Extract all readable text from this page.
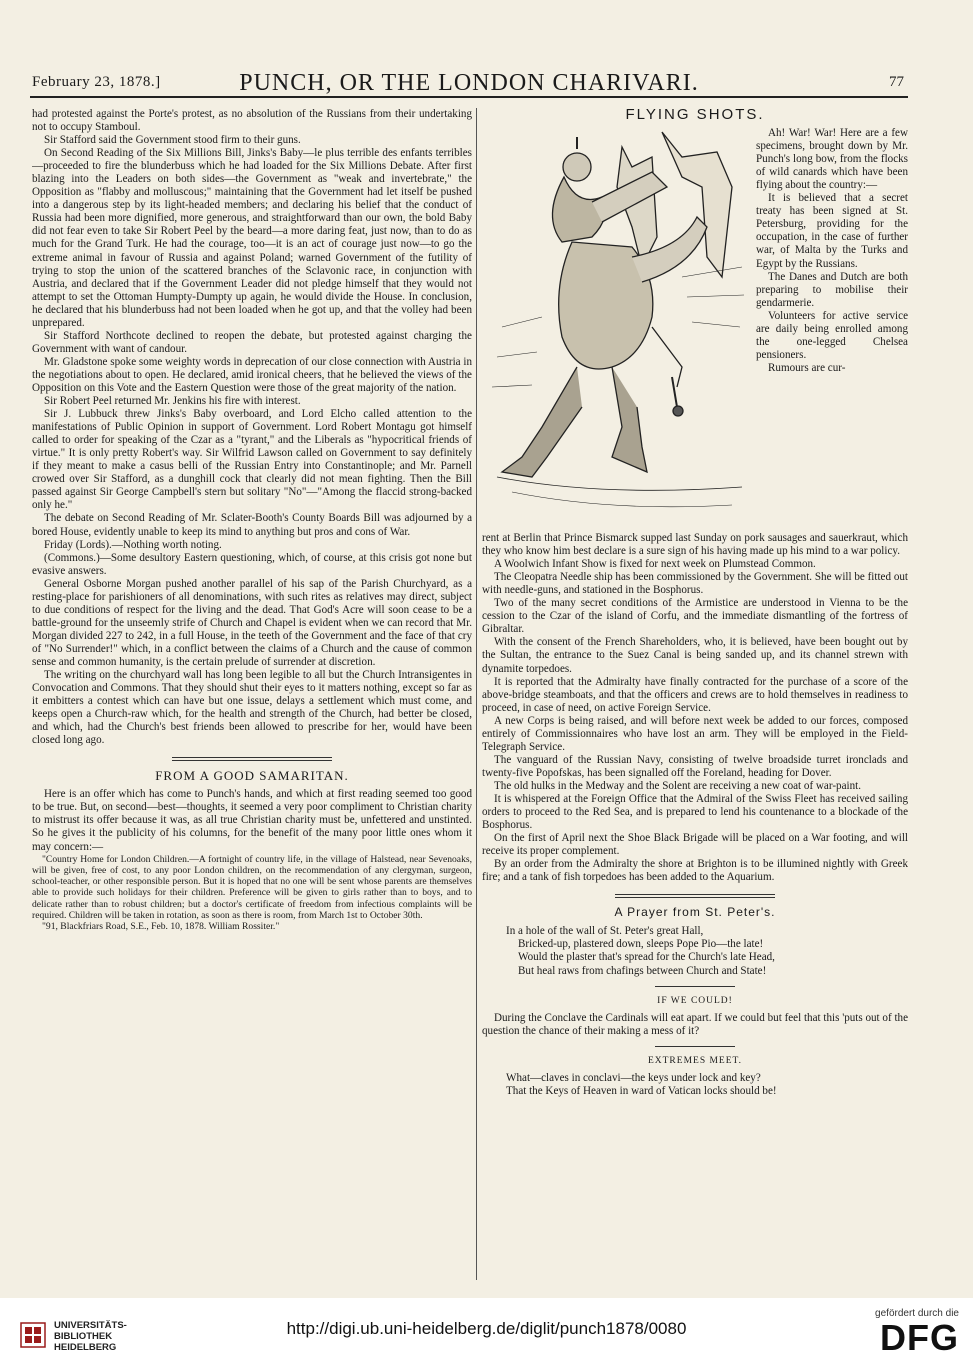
February 23, 1878.]	PUNCH, OR THE LONDON CHARIVARI.	77

had protested against the Porte's protest, as no absolution of the Russians from their undertaking not to occupy Stamboul.

Sir Stafford said the Government stood firm to their guns.

On Second Reading of the Six Millions Bill, Jinks's Baby—le plus terrible des enfants terribles—proceeded to fire the blunderbuss which he had loaded for the Six Millions Debate. After first blazing into the Leaders on both sides—the Government as "weak and invertebrate," the Opposition as "flabby and molluscous;" maintaining that the Government had let itself be pushed into a dangerous step by its light-headed members; and declaring his belief that the conduct of Russia had been more dignified, more generous, and straightforward than our own, the bold Baby did not fear even to take Sir Robert Peel by the beard—a more daring feat, just now, than to do as much for the Grand Turk. He had the courage, too—it is an act of courage just now—to go the extreme animal in favour of Russia and against Poland; warned Government of the futility of trying to stop the union of the scattered branches of the Sclavonic race, in conjunction with Austria, and declared that if the Government Leader did not pledge himself that they would not attempt to set the Ottoman Humpty-Dumpty up again, he would divide the House. In conclusion, he declared that his blunderbuss had not been loaded when he got up, and that the volley had been unprepared.

Sir Stafford Northcote declined to reopen the debate, but protested against charging the Government with want of candour.

Mr. Gladstone spoke some weighty words in deprecation of our close connection with Austria in the negotiations about to open. He declared, amid ironical cheers, that he believed the views of the Opposition on this Vote and the Eastern Question were those of the great majority of the nation.

Sir Robert Peel returned Mr. Jenkins his fire with interest.

Sir J. Lubbuck threw Jinks's Baby overboard, and Lord Elcho called attention to the manifestations of Public Opinion in support of Government. Lord Robert Montagu got himself called to order for speaking of the Czar as a "tyrant," and the Liberals as "hypocritical friends of virtue." It is only pretty Robert's way. Sir Wilfrid Lawson called on Government to say definitely if they meant to make a casus belli of the Russian Entry into Constantinople; and Mr. Parnell crowed over Sir Stafford, as a dunghill cock that clearly did not mean fighting. Then the Bill passed against Sir George Campbell's stern but solitary "No"—"Among the flaccid strong-backed only he."

The debate on Second Reading of Mr. Sclater-Booth's County Boards Bill was adjourned by a bored House, evidently unable to keep its mind to anything but pros and cons of War.

Friday (Lords).—Nothing worth noting.

(Commons.)—Some desultory Eastern questioning, which, of course, at this crisis got none but evasive answers.

General Osborne Morgan pushed another parallel of his sap of the Parish Churchyard, as a resting-place for parishioners of all denominations, with such rites as relatives may direct, subject to due conditions of respect for the living and the dead. That God's Acre will soon cease to be a battle-ground for the unseemly strife of Church and Chapel is evident when we can record that Mr. Morgan divided 227 to 242, in a full House, in the teeth of the Government and the face of that cry of "No Surrender!" which, in a conflict between the claims of a Church and the cause of common sense and common humanity, is the certain prelude of surrender at discretion.

The writing on the churchyard wall has long been legible to all but the Church Intransigentes in Convocation and Commons. That they should shut their eyes to it matters nothing, except so far as it embitters a contest which can have but one issue, delays a settlement which must come, and keeps open a Church-raw which, for the health and strength of the Church, had better be closed, and which, had the Church's best friends been allowed to prescribe for her, would have been closed long ago.

FROM A GOOD SAMARITAN.

Here is an offer which has come to Punch's hands, and which at first reading seemed too good to be true. But, on second—best—thoughts, it seemed a very poor compliment to Christian charity to mistrust its offer because it was, as all true Christian charity must be, unfettered and unstinted. So he gives it the publicity of his columns, for the benefit of the many poor little ones whom it may concern:—

"Country Home for London Children.—A fortnight of country life, in the village of Halstead, near Sevenoaks, will be given, free of cost, to any poor London children, on the recommendation of any clergyman, surgeon, school-teacher, or other responsible person. But it is hoped that no one will be sent whose parents are themselves able to provide such holidays for their children. Preference will be given to girls rather than to boys, and to delicate rather than to robust children; but a doctor's certificate of freedom from infectious complaints will be required. Children will be taken in rotation, as soon as there is room, from March 1st to October 30th.

"91, Blackfriars Road, S.E., Feb. 10, 1878. William Rossiter."

FLYING SHOTS.

Ah! War! War! Here are a few specimens, brought down by Mr. Punch's long bow, from the flocks of wild canards which have been flying about the country:—

It is believed that a secret treaty has been signed at St. Petersburg, providing for the occupation, in the case of further war, of Malta by the Turks and Egypt by the Russians.

The Danes and Dutch are both preparing to mobilise their gendarmerie.

Volunteers for active service are daily being enrolled among the one-legged Chelsea pensioners.

Rumours are cur-

rent at Berlin that Prince Bismarck supped last Sunday on pork sausages and sauerkraut, which they who know him best declare is a sure sign of his having made up his mind to a war policy.

A Woolwich Infant Show is fixed for next week on Plumstead Common.

The Cleopatra Needle ship has been commissioned by the Government. She will be fitted out with needle-guns, and stationed in the Bosphorus.

Two of the many secret conditions of the Armistice are understood in Vienna to be the cession to the Czar of the island of Corfu, and the immediate dismantling of the fortress of Gibraltar.

With the consent of the French Shareholders, who, it is believed, have been bought out by the Sultan, the entrance to the Suez Canal is being sanded up, and its channel strewn with dynamite torpedoes.

It is reported that the Admiralty have finally contracted for the purchase of a score of the above-bridge steamboats, and that the officers and crews are to hold themselves in readiness to proceed, in case of need, on active Foreign Service.

A new Corps is being raised, and will before next week be added to our forces, composed entirely of Commissionnaires who have lost an arm. They will be employed in the Field-Telegraph Service.

The vanguard of the Russian Navy, consisting of twelve broadside turret ironclads and twenty-five Popofskas, has been signalled off the Foreland, heading for Dover.

The old hulks in the Medway and the Solent are receiving a new coat of war-paint.

It is whispered at the Foreign Office that the Admiral of the Swiss Fleet has received sailing orders to proceed to the Red Sea, and is prepared to lend his countenance to a blockade of the Bosphorus.

On the first of April next the Shoe Black Brigade will be placed on a War footing, and will receive its proper complement.

By an order from the Admiralty the shore at Brighton is to be illumined nightly with Greek fire; and a tank of fish torpedoes has been added to the Aquarium.

A Prayer from St. Peter's.

In a hole of the wall of St. Peter's great Hall,

Bricked-up, plastered down, sleeps Pope Pio—the late!

Would the plaster that's spread for the Church's late Head,

But heal raws from chafings between Church and State!

IF WE COULD!

During the Conclave the Cardinals will eat apart. If we could but feel that this 'puts out of the question the chance of their making a mess of it?

EXTREMES MEET.

What—claves in conclavi—the keys under lock and key?

That the Keys of Heaven in ward of Vatican locks should be!

UNIVERSITÄTS-
BIBLIOTHEK
HEIDELBERG
http://digi.ub.uni-heidelberg.de/diglit/punch1878/0080
gefördert durch die
DFG
